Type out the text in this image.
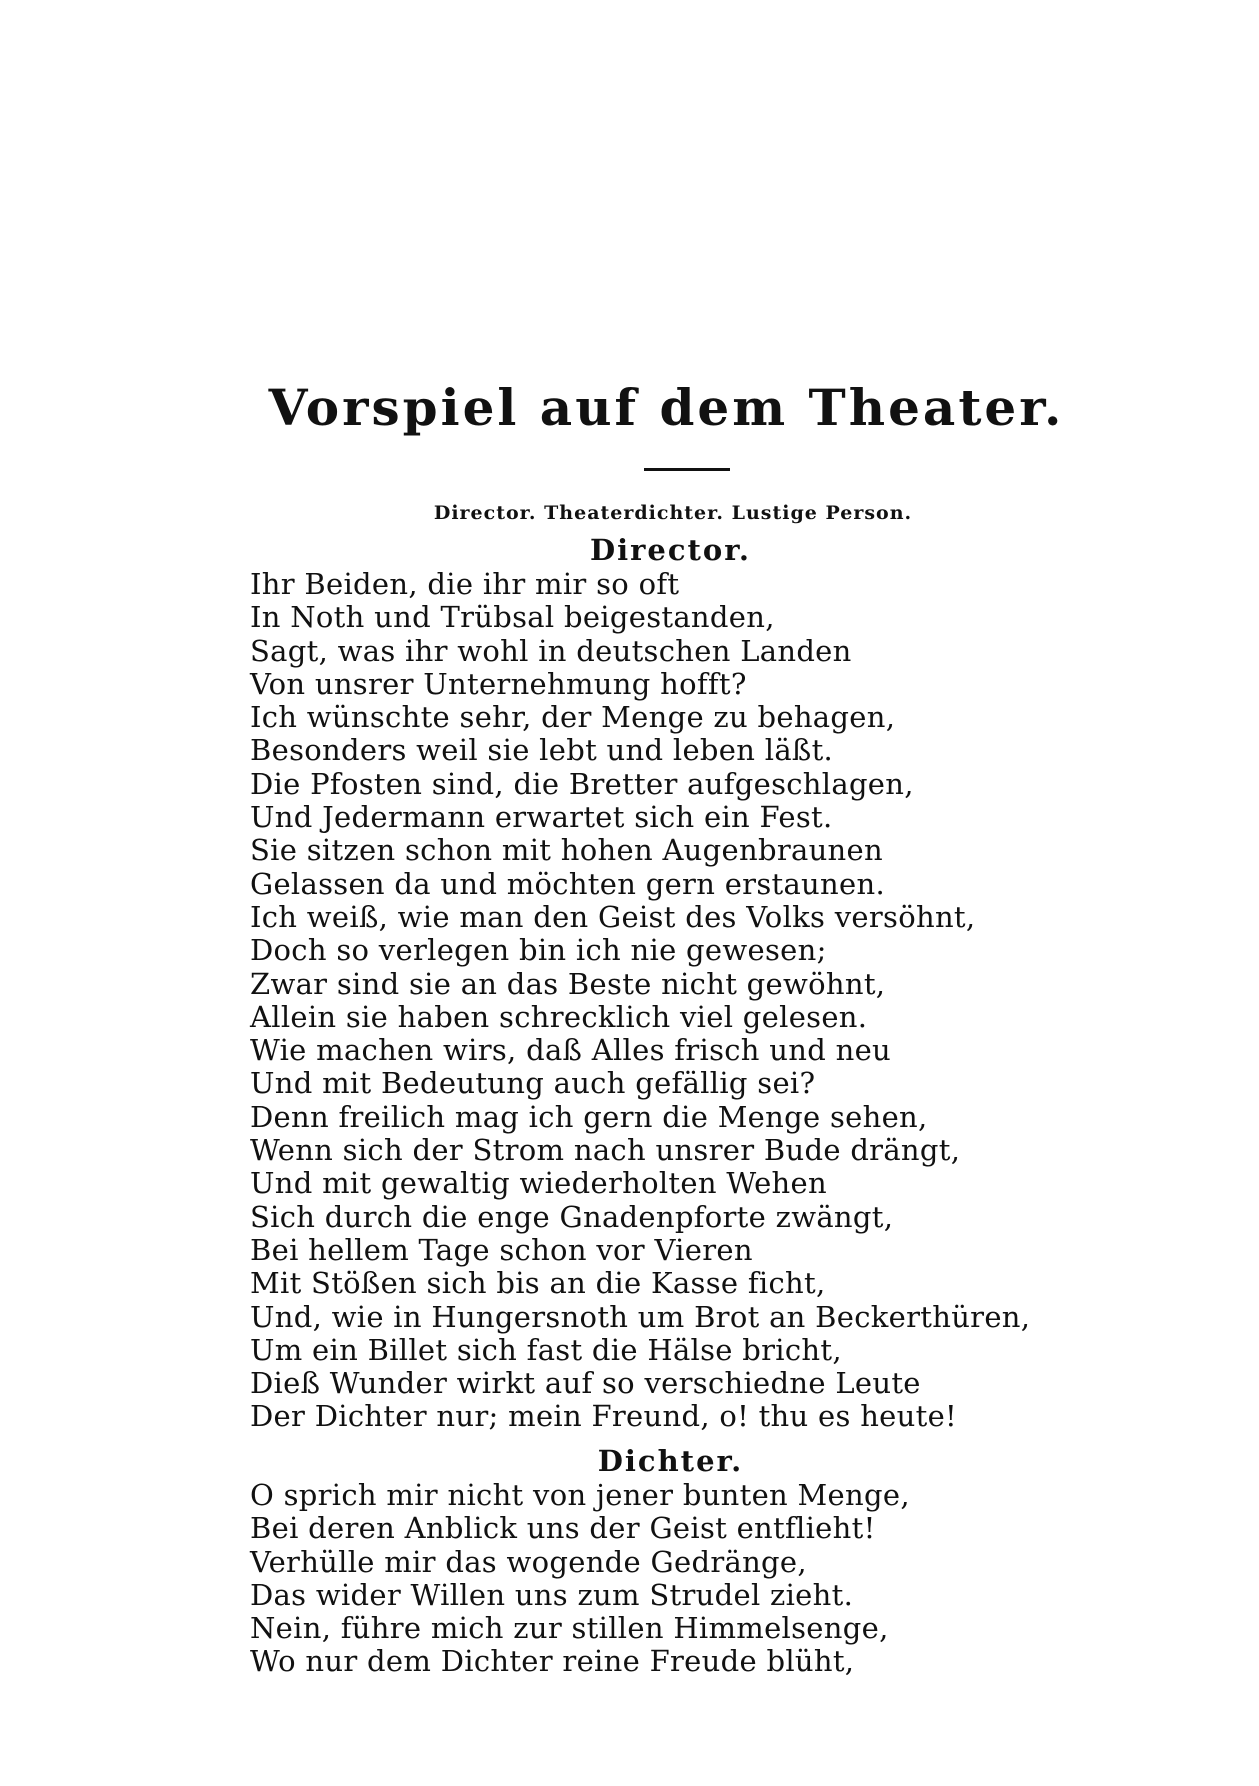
Vorspiel auf dem Theater.
Director. Theaterdichter. Lustige Person.
Director.
Ihr Beiden, die ihr mir so oft
In Noth und Trübsal beigestanden,
Sagt, was ihr wohl in deutschen Landen
Von unsrer Unternehmung hofft?
Ich wünschte sehr, der Menge zu behagen,
Besonders weil sie lebt und leben läßt.
Die Pfosten sind, die Bretter aufgeschlagen,
Und Jedermann erwartet sich ein Fest.
Sie sitzen schon mit hohen Augenbraunen
Gelassen da und möchten gern erstaunen.
Ich weiß, wie man den Geist des Volks versöhnt,
Doch so verlegen bin ich nie gewesen;
Zwar sind sie an das Beste nicht gewöhnt,
Allein sie haben schrecklich viel gelesen.
Wie machen wirs, daß Alles frisch und neu
Und mit Bedeutung auch gefällig sei?
Denn freilich mag ich gern die Menge sehen,
Wenn sich der Strom nach unsrer Bude drängt,
Und mit gewaltig wiederholten Wehen
Sich durch die enge Gnadenpforte zwängt,
Bei hellem Tage schon vor Vieren
Mit Stößen sich bis an die Kasse ficht,
Und, wie in Hungersnoth um Brot an Beckerthüren,
Um ein Billet sich fast die Hälse bricht,
Dieß Wunder wirkt auf so verschiedne Leute
Der Dichter nur; mein Freund, o! thu es heute!
Dichter.
O sprich mir nicht von jener bunten Menge,
Bei deren Anblick uns der Geist entflieht!
Verhülle mir das wogende Gedränge,
Das wider Willen uns zum Strudel zieht.
Nein, führe mich zur stillen Himmelsenge,
Wo nur dem Dichter reine Freude blüht,
